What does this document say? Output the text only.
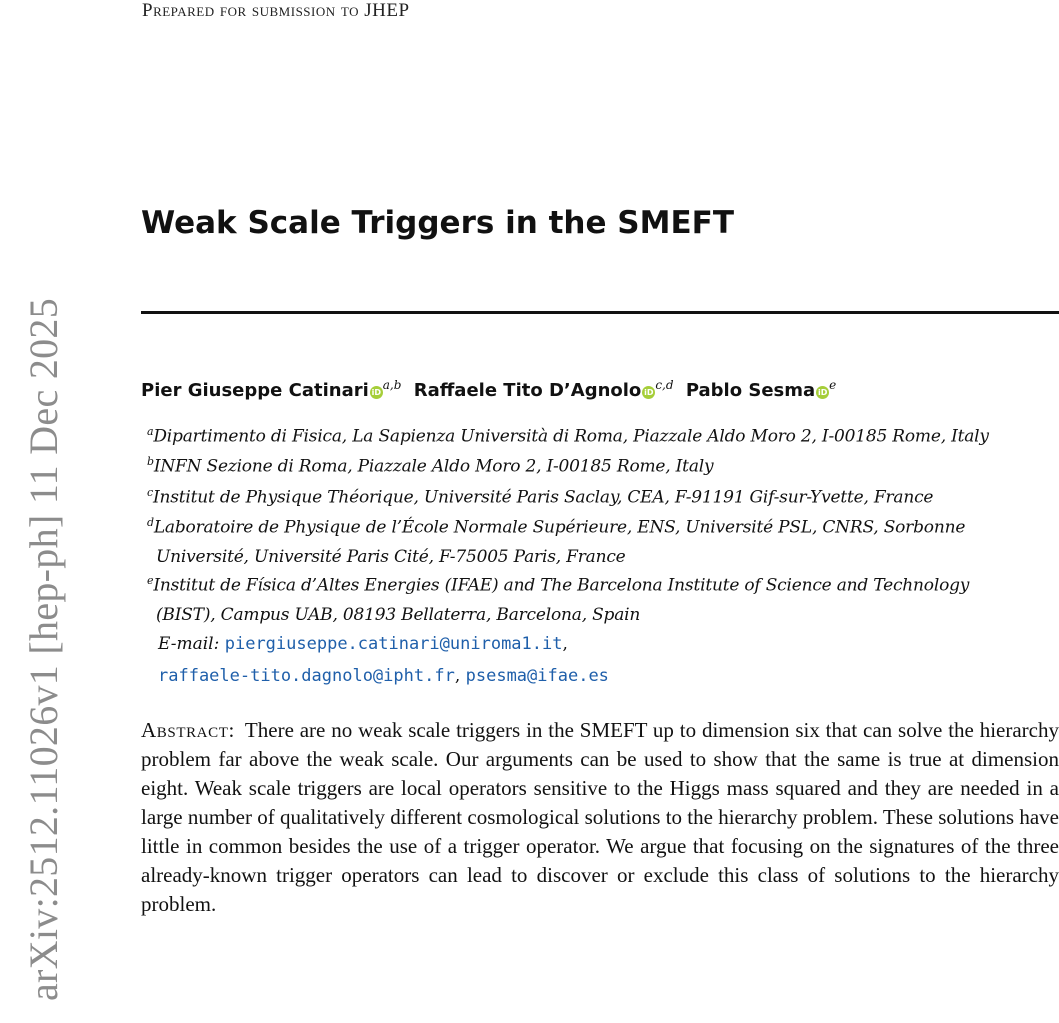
Prepared for submission to JHEP
arXiv:2512.11026v1 [hep-ph] 11 Dec 2025
Weak Scale Triggers in the SMEFT
Pier Giuseppe Catinari iD$^{a,b}$ Raffaele Tito D’Agnolo iD$^{c,d}$ Pablo Sesma $iD^e$
$^a$Dipartimento di Fisica, La Sapienza Università di Roma, Piazzale Aldo Moro 2, I-00185 Rome, Italy
$^b$INFN Sezione di Roma, Piazzale Aldo Moro 2, I-00185 Rome, Italy
$^c$Institut de Physique Théorique, Université Paris Saclay, CEA, F-91191 Gif-sur-Yvette, France
$^d$Laboratoire de Physique de l’École Normale Supérieure, ENS, Université PSL, CNRS, Sorbonne
Université, Université Paris Cité, F-75005 Paris, France
$^e$Institut de Física d’Altes Energies (IFAE) and The Barcelona Institute of Science and Technology
(BIST), Campus UAB, 08193 Bellaterra, Barcelona, Spain
E-mail: piergiuseppe.catinari@uniroma1.it,
raffaele-tito.dagnolo@ipht.fr, psesma@ifae.es
Abstract: There are no weak scale triggers in the SMEFT up to dimension six that can solve the hierarchy problem far above the weak scale. Our arguments can be used to show that the same is true at dimension eight. Weak scale triggers are local operators sensitive to the Higgs mass squared and they are needed in a large number of qualitatively different cosmological solutions to the hierarchy problem. These solutions have little in common besides the use of a trigger operator. We argue that focusing on the signatures of the three already-known trigger operators can lead to discover or exclude this class of solutions to the hierarchy problem.
